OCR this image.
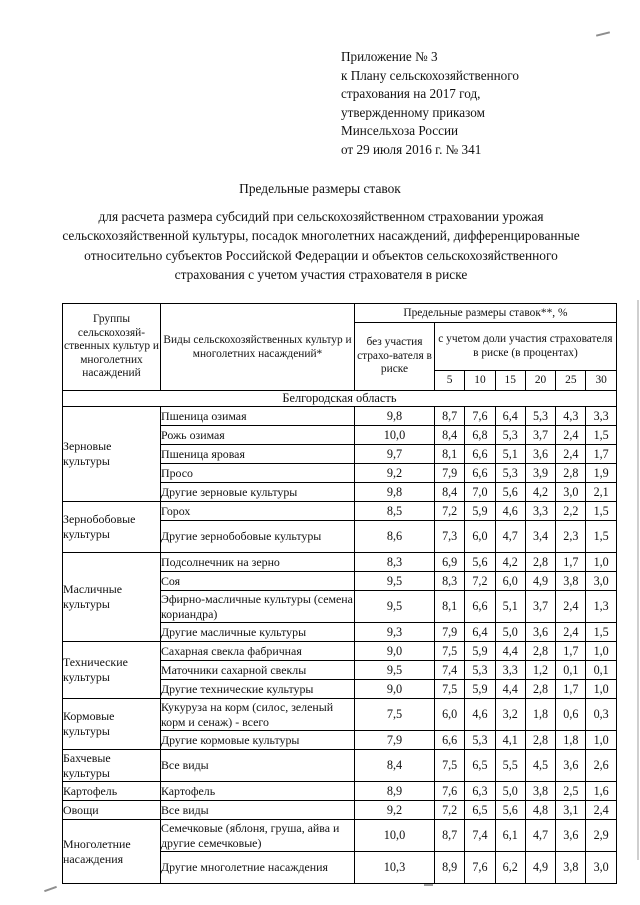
Приложение № 3
к Плану сельскохозяйственного
страхования на 2017 год,
утвержденному приказом
Минсельхоза России
от 29 июля 2016 г. № 341
Предельные размеры ставок
для расчета размера субсидий при сельскохозяйственном страховании урожая сельскохозяйственной культуры, посадок многолетних насаждений, дифференцированные относительно субъектов Российской Федерации и объектов сельскохозяйственного страхования с учетом участия страхователя в риске
Группы сельскохозяй-ственных культур и многолетних насаждений	Виды сельскохозяйственных культур и многолетних насаждений*	Предельные размеры ставок**, %						
		без участия страхо-вателя в риске	с учетом доли участия страхователя в риске (в процентах)					
			5	10	15	20	25	30
Белгородская область								
Зерновые культуры	Пшеница озимая	9,8	8,7	7,6	6,4	5,3	4,3	3,3
	Рожь озимая	10,0	8,4	6,8	5,3	3,7	2,4	1,5
	Пшеница яровая	9,7	8,1	6,6	5,1	3,6	2,4	1,7
	Просо	9,2	7,9	6,6	5,3	3,9	2,8	1,9
	Другие зерновые культуры	9,8	8,4	7,0	5,6	4,2	3,0	2,1
Зернобобовые культуры	Горох	8,5	7,2	5,9	4,6	3,3	2,2	1,5
	Другие зернобобовые культуры	8,6	7,3	6,0	4,7	3,4	2,3	1,5
Масличные культуры	Подсолнечник на зерно	8,3	6,9	5,6	4,2	2,8	1,7	1,0
	Соя	9,5	8,3	7,2	6,0	4,9	3,8	3,0
	Эфирно-масличные культуры (семена кориандра)	9,5	8,1	6,6	5,1	3,7	2,4	1,3
	Другие масличные культуры	9,3	7,9	6,4	5,0	3,6	2,4	1,5
Технические культуры	Сахарная свекла фабричная	9,0	7,5	5,9	4,4	2,8	1,7	1,0
	Маточники сахарной свеклы	9,5	7,4	5,3	3,3	1,2	0,1	0,1
	Другие технические культуры	9,0	7,5	5,9	4,4	2,8	1,7	1,0
Кормовые культуры	Кукуруза на корм (силос, зеленый корм и сенаж) - всего	7,5	6,0	4,6	3,2	1,8	0,6	0,3
	Другие кормовые культуры	7,9	6,6	5,3	4,1	2,8	1,8	1,0
Бахчевые культуры	Все виды	8,4	7,5	6,5	5,5	4,5	3,6	2,6
Картофель	Картофель	8,9	7,6	6,3	5,0	3,8	2,5	1,6
Овощи	Все виды	9,2	7,2	6,5	5,6	4,8	3,1	2,4
Многолетние насаждения	Семечковые (яблоня, груша, айва и другие семечковые)	10,0	8,7	7,4	6,1	4,7	3,6	2,9
	Другие многолетние насаждения	10,3	8,9	7,6	6,2	4,9	3,8	3,0
